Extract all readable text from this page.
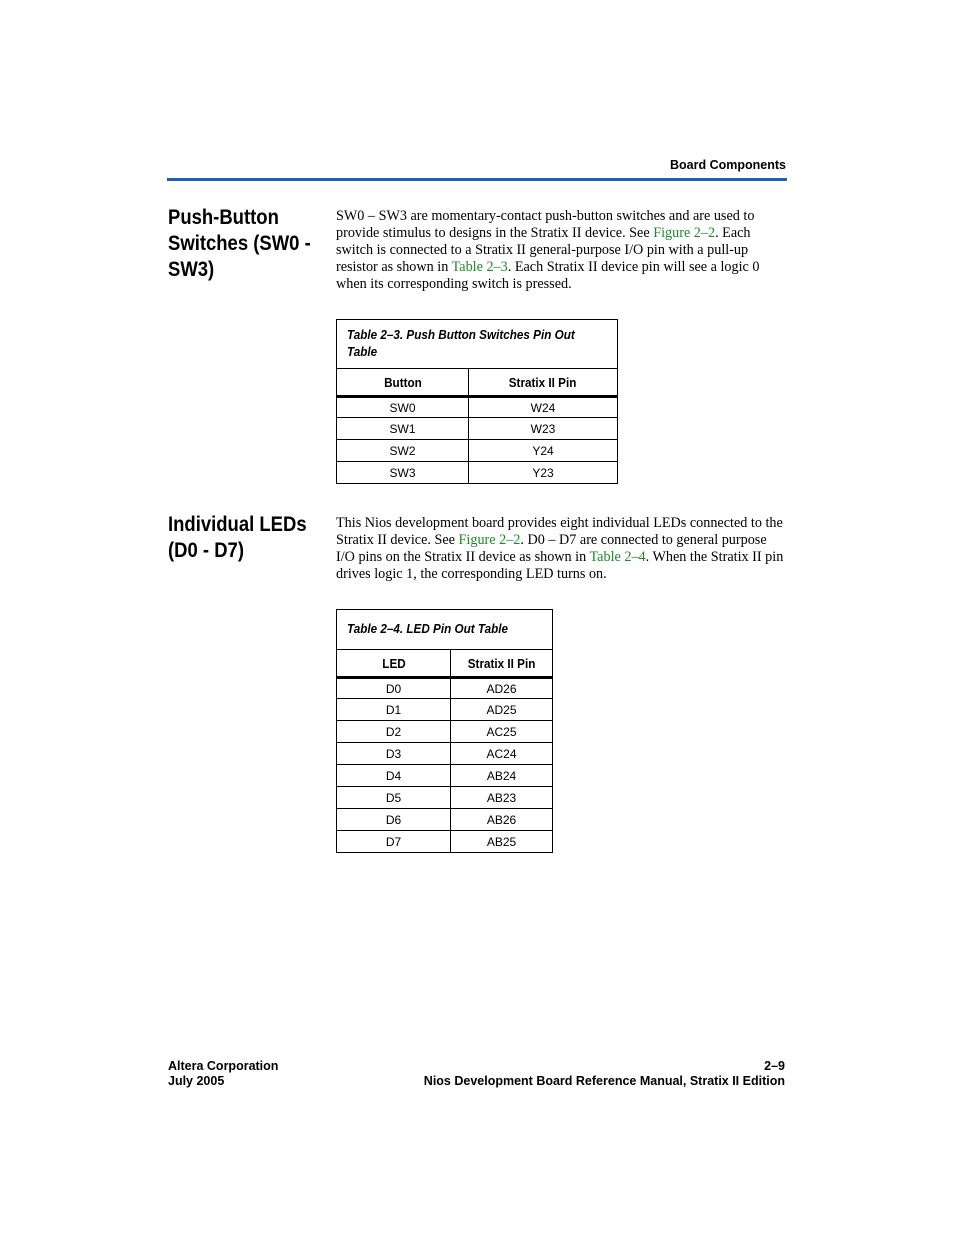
Board Components
Push-Button Switches (SW0 - SW3)
SW0 – SW3 are momentary-contact push-button switches and are used to provide stimulus to designs in the Stratix II device. See Figure 2–2. Each switch is connected to a Stratix II general-purpose I/O pin with a pull-up resistor as shown in Table 2–3. Each Stratix II device pin will see a logic 0 when its corresponding switch is pressed.
Table 2–3. Push Button Switches Pin Out Table
Button	Stratix II Pin
SW0	W24
SW1	W23
SW2	Y24
SW3	Y23
Individual LEDs (D0 - D7)
This Nios development board provides eight individual LEDs connected to the Stratix II device. See Figure 2–2. D0 – D7 are connected to general purpose I/O pins on the Stratix II device as shown in Table 2–4. When the Stratix II pin drives logic 1, the corresponding LED turns on.
Table 2–4. LED Pin Out Table
LED	Stratix II Pin
D0	AD26
D1	AD25
D2	AC25
D3	AC24
D4	AB24
D5	AB23
D6	AB26
D7	AB25
Altera Corporation
July 2005
2–9
Nios Development Board Reference Manual, Stratix II Edition
